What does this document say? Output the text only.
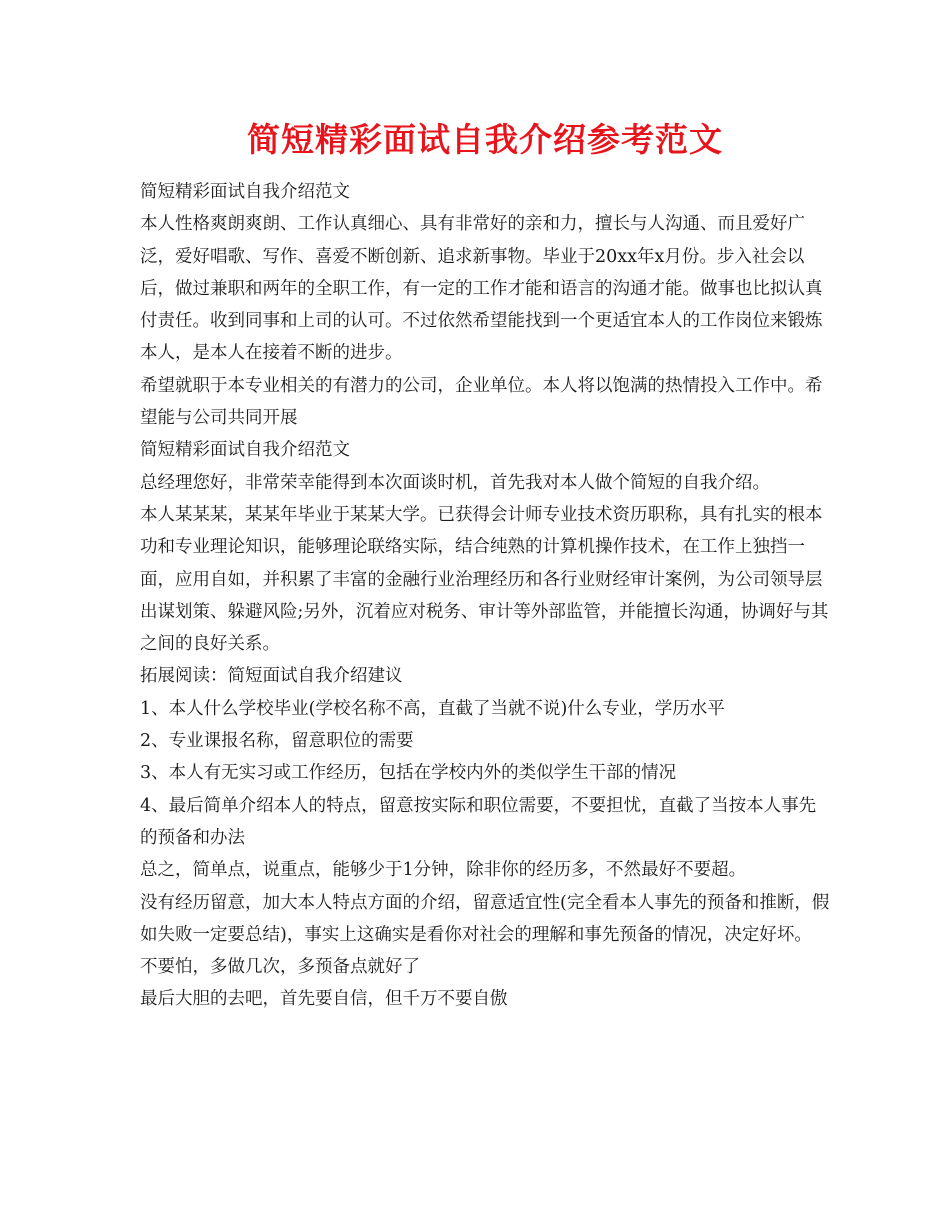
简短精彩面试自我介绍参考范文

简短精彩面试自我介绍范文

本人性格爽朗爽朗、工作认真细心、具有非常好的亲和力，擅长与人沟通、而且爱好广泛，爱好唱歌、写作、喜爱不断创新、追求新事物。毕业于20xx年x月份。步入社会以后，做过兼职和两年的全职工作，有一定的工作才能和语言的沟通才能。做事也比拟认真付责任。收到同事和上司的认可。不过依然希望能找到一个更适宜本人的工作岗位来锻炼本人，是本人在接着不断的进步。

希望就职于本专业相关的有潜力的公司，企业单位。本人将以饱满的热情投入工作中。希望能与公司共同开展

简短精彩面试自我介绍范文

总经理您好，非常荣幸能得到本次面谈时机，首先我对本人做个简短的自我介绍。

本人某某某，某某年毕业于某某大学。已获得会计师专业技术资历职称，具有扎实的根本功和专业理论知识，能够理论联络实际，结合纯熟的计算机操作技术，在工作上独挡一面，应用自如，并积累了丰富的金融行业治理经历和各行业财经审计案例，为公司领导层出谋划策、躲避风险;另外，沉着应对税务、审计等外部监管，并能擅长沟通，协调好与其之间的良好关系。

拓展阅读：简短面试自我介绍建议

1、本人什么学校毕业(学校名称不高，直截了当就不说)什么专业，学历水平

2、专业课报名称，留意职位的需要

3、本人有无实习或工作经历，包括在学校内外的类似学生干部的情况

4、最后简单介绍本人的特点，留意按实际和职位需要，不要担忧，直截了当按本人事先的预备和办法

总之，简单点，说重点，能够少于1分钟，除非你的经历多，不然最好不要超。

没有经历留意，加大本人特点方面的介绍，留意适宜性(完全看本人事先的预备和推断，假如失败一定要总结)，事实上这确实是看你对社会的理解和事先预备的情况，决定好坏。

不要怕，多做几次，多预备点就好了

最后大胆的去吧，首先要自信，但千万不要自傲
